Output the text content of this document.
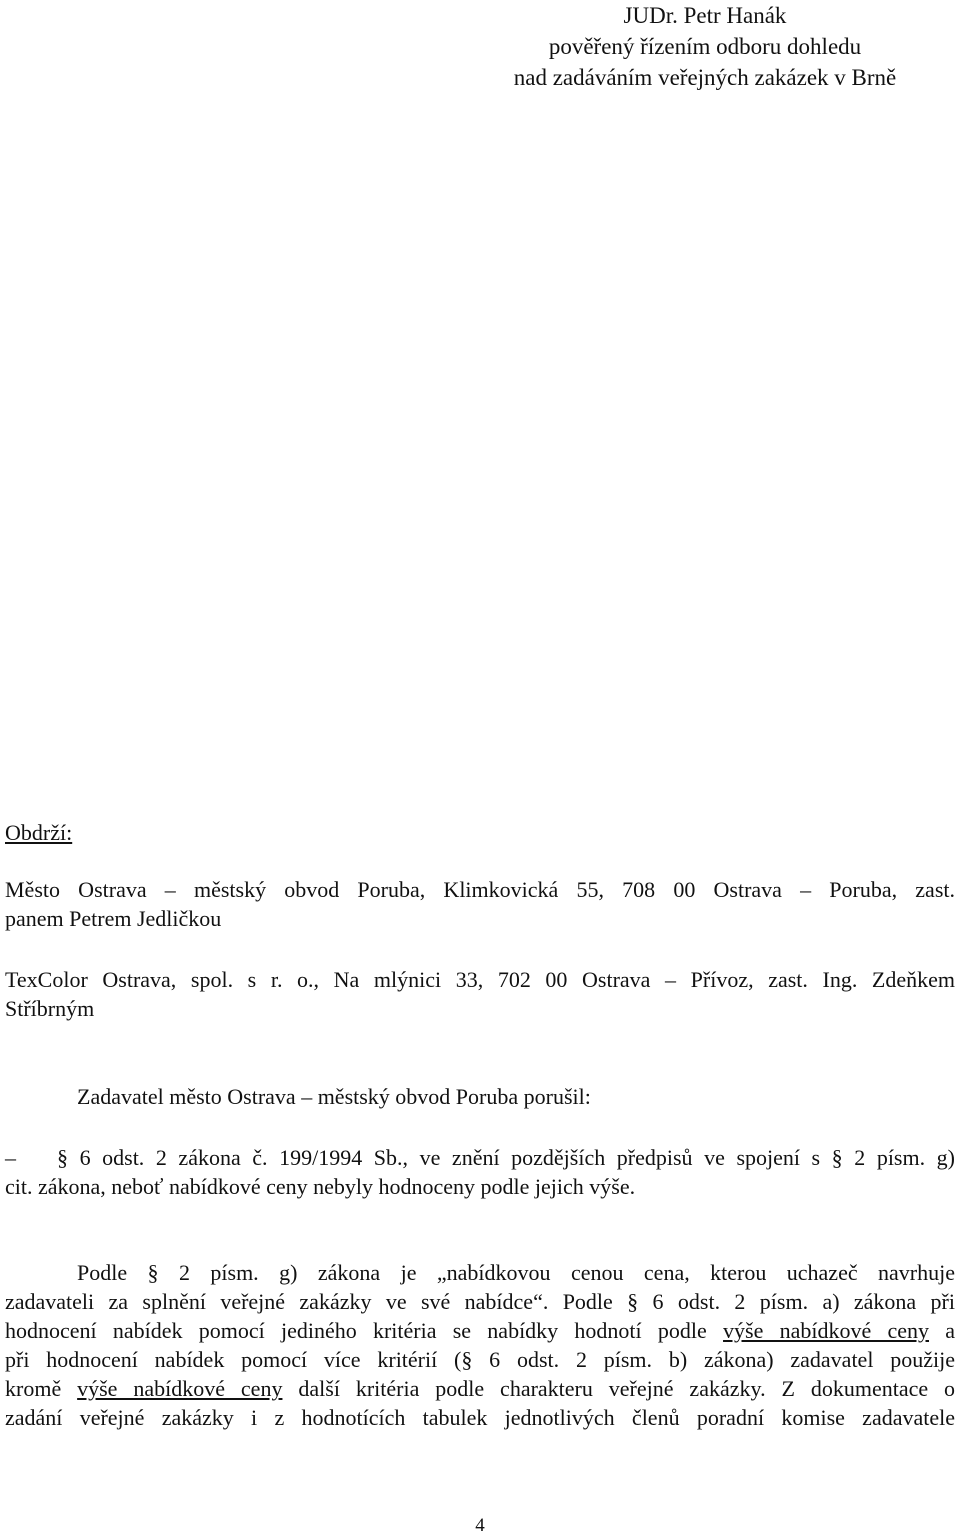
JUDr. Petr Hanák
pověřený řízením odboru dohledu
nad zadáváním veřejných zakázek v Brně
Obdrží:
Město Ostrava – městský obvod Poruba, Klimkovická 55, 708 00 Ostrava – Poruba, zast.
panem Petrem Jedličkou
TexColor Ostrava, spol. s r. o., Na mlýnici 33, 702 00 Ostrava – Přívoz, zast. Ing. Zdeňkem
Stříbrným
Zadavatel město Ostrava – městský obvod Poruba porušil:
– § 6 odst. 2 zákona č. 199/1994 Sb., ve znění pozdějších předpisů ve spojení s § 2 písm. g)
cit. zákona, neboť nabídkové ceny nebyly hodnoceny podle jejich výše.
Podle § 2 písm. g) zákona je „nabídkovou cenou cena, kterou uchazeč navrhuje
zadavateli za splnění veřejné zakázky ve své nabídce“. Podle § 6 odst. 2 písm. a) zákona při
hodnocení nabídek pomocí jediného kritéria se nabídky hodnotí podle výše nabídkové ceny a
při hodnocení nabídek pomocí více kritérií (§ 6 odst. 2 písm. b) zákona) zadavatel použije
kromě výše nabídkové ceny další kritéria podle charakteru veřejné zakázky. Z dokumentace o
zadání veřejné zakázky i z hodnotících tabulek jednotlivých členů poradní komise zadavatele
4
